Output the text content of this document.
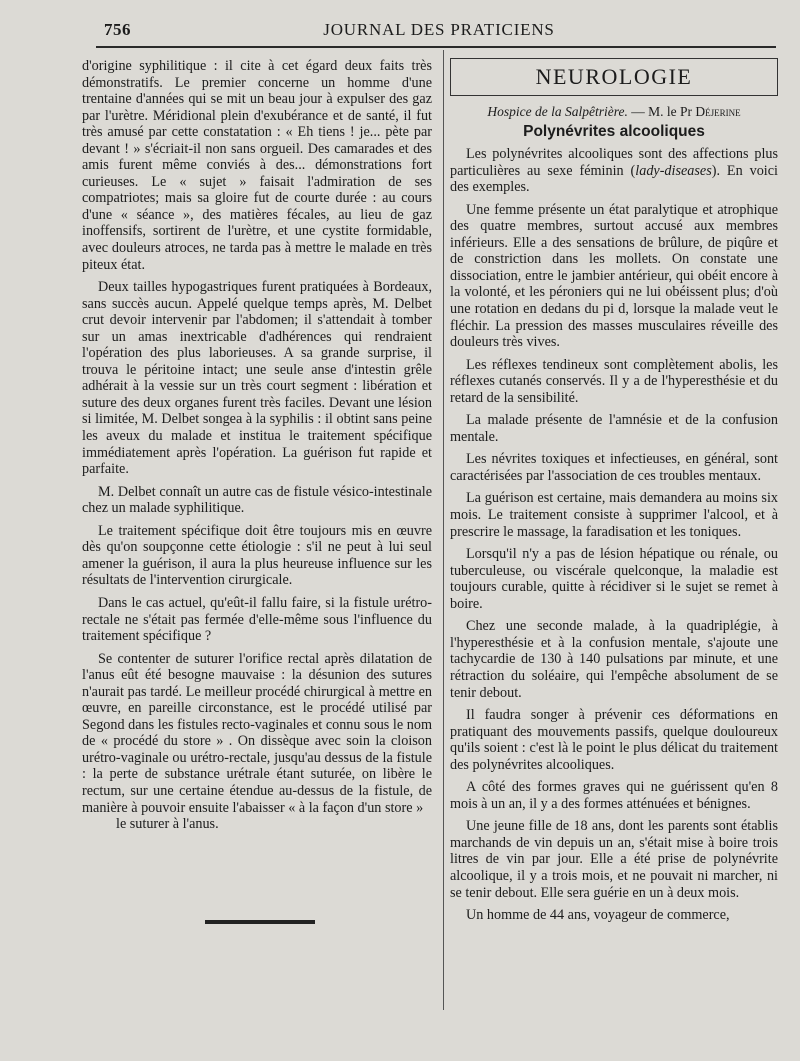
756	JOURNAL DES PRATICIENS

d'origine syphilitique : il cite à cet égard deux faits très démonstratifs. Le premier concerne un homme d'une trentaine d'années qui se mit un beau jour à expulser des gaz par l'urètre. Méridional plein d'exubérance et de santé, il fut très amusé par cette constatation : « Eh tiens ! je... pète par devant ! » s'écriait-il non sans orgueil. Des camarades et des amis furent même conviés à des... démonstrations fort curieuses. Le « sujet » faisait l'admiration de ses compatriotes; mais sa gloire fut de courte durée : au cours d'une « séance », des matières fécales, au lieu de gaz inoffensifs, sortirent de l'urètre, et une cystite formidable, avec douleurs atroces, ne tarda pas à mettre le malade en très piteux état.

Deux tailles hypogastriques furent pratiquées à Bordeaux, sans succès aucun. Appelé quelque temps après, M. Delbet crut devoir intervenir par l'abdomen; il s'attendait à tomber sur un amas inextricable d'adhérences qui rendraient l'opération des plus laborieuses. A sa grande surprise, il trouva le péritoine intact; une seule anse d'intestin grêle adhérait à la vessie sur un très court segment : libération et suture des deux organes furent très faciles. Devant une lésion si limitée, M. Delbet songea à la syphilis : il obtint sans peine les aveux du malade et institua le traitement spécifique immédiatement après l'opération. La guérison fut rapide et parfaite.

M. Delbet connaît un autre cas de fistule vésico-intestinale chez un malade syphilitique.

Le traitement spécifique doit être toujours mis en œuvre dès qu'on soupçonne cette étiologie : s'il ne peut à lui seul amener la guérison, il aura la plus heureuse influence sur les résultats de l'intervention cirurgicale.

Dans le cas actuel, qu'eût-il fallu faire, si la fistule urétro-rectale ne s'était pas fermée d'elle-même sous l'influence du traitement spécifique ?

Se contenter de suturer l'orifice rectal après dilatation de l'anus eût été besogne mauvaise : la désunion des sutures n'aurait pas tardé. Le meilleur procédé chirurgical à mettre en œuvre, en pareille circonstance, est le procédé utilisé par Segond dans les fistules recto-vaginales et connu sous le nom de « procédé du store » . On dissèque avec soin la cloison urétro-vaginale ou urétro-rectale, jusqu'au dessus de la fistule : la perte de substance urétrale étant suturée, on libère le rectum, sur une certaine étendue au-dessus de la fistule, de manière à pouvoir ensuite l'abaisser « à la façon d'un store »

le suturer à l'anus.

NEUROLOGIE
Hospice de la Salpêtrière. — M. le Pr Déjerine
Polynévrites alcooliques

Les polynévrites alcooliques sont des affections plus particulières au sexe féminin (lady-diseases). En voici des exemples.

Une femme présente un état paralytique et atrophique des quatre membres, surtout accusé aux membres inférieurs. Elle a des sensations de brûlure, de piqûre et de constriction dans les mollets. On constate une dissociation, entre le jambier antérieur, qui obéit encore à la volonté, et les péroniers qui ne lui obéissent plus; d'où une rotation en dedans du pi d, lorsque la malade veut le fléchir. La pression des masses musculaires réveille des douleurs très vives.

Les réflexes tendineux sont complètement abolis, les réflexes cutanés conservés. Il y a de l'hyperesthésie et du retard de la sensibilité.

La malade présente de l'amnésie et de la confusion mentale.

Les névrites toxiques et infectieuses, en général, sont caractérisées par l'association de ces troubles mentaux.

La guérison est certaine, mais demandera au moins six mois. Le traitement consiste à supprimer l'alcool, et à prescrire le massage, la faradisation et les toniques.

Lorsqu'il n'y a pas de lésion hépatique ou rénale, ou tuberculeuse, ou viscérale quelconque, la maladie est toujours curable, quitte à récidiver si le sujet se remet à boire.

Chez une seconde malade, à la quadriplégie, à l'hyperesthésie et à la confusion mentale, s'ajoute une tachycardie de 130 à 140 pulsations par minute, et une rétraction du soléaire, qui l'empêche absolument de se tenir debout.

Il faudra songer à prévenir ces déformations en pratiquant des mouvements passifs, quelque douloureux qu'ils soient : c'est là le point le plus délicat du traitement des polynévrites alcooliques.

A côté des formes graves qui ne guérissent qu'en 8 mois à un an, il y a des formes atténuées et bénignes.

Une jeune fille de 18 ans, dont les parents sont établis marchands de vin depuis un an, s'était mise à boire trois litres de vin par jour. Elle a été prise de polynévrite alcoolique, il y a trois mois, et ne pouvait ni marcher, ni se tenir debout. Elle sera guérie en un à deux mois.

Un homme de 44 ans, voyageur de commerce,
